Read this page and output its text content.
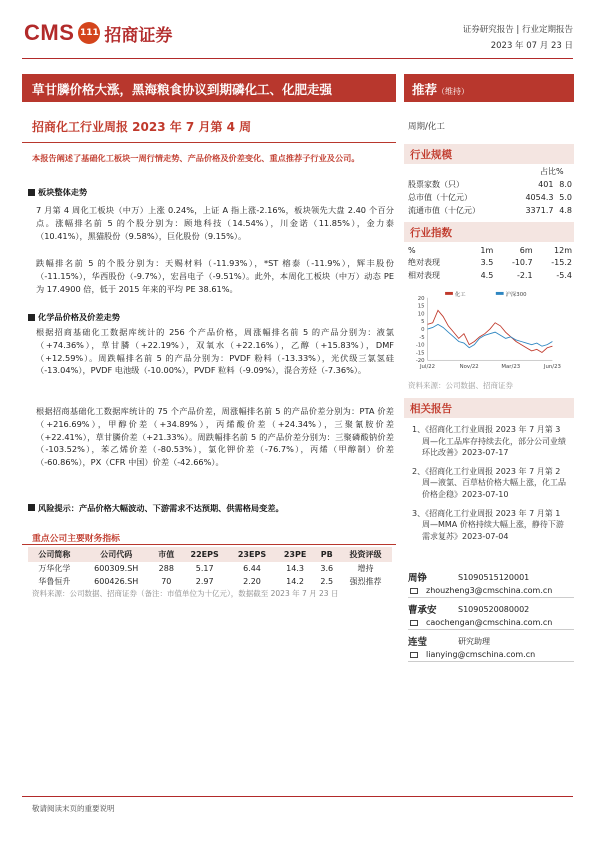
CMS 111 招商证券	证券研究报告 | 行业定期报告
2023 年 07 月 23 日
草甘膦价格大涨，黑海粮食协议到期磷化工、化肥走强	推荐（维持）
招商化工行业周报 2023 年 7 月第 4 周
本报告阐述了基础化工板块一周行情走势、产品价格及价差变化、重点推荐子行业及公司。
板块整体走势
7 月第 4 周化工板块（中万）上涨 0.24%，上证 A 指上涨-2.16%，板块领先大盘 2.40 个百分点。涨幅排名前 5 的个股分别为：顾地科技（14.54%），川金诺（11.85%），金力泰（10.41%），黑猫股份（9.58%），巨化股份（9.15%）。
跌幅排名前 5 的个股分别为：天赐材料（-11.93%），*ST 榕泰（-11.9%），辉丰股份（-11.15%），华西股份（-9.7%），宏昌电子（-9.51%）。此外，本周化工板块（中万）动态 PE 为 17.4900 倍，低于 2015 年来的平均 PE 38.61%。
化学品价格及价差走势
根据招商基础化工数据库统计的 256 个产品价格，周涨幅排名前 5 的产品分别为：液氯（+74.36%），草甘膦（+22.19%），双氧水（+22.16%），乙醇（+15.83%），DMF（+12.59%）。周跌幅排名前 5 的产品分别为：PVDF 粉料（-13.33%），光伏级三氯氢硅（-13.04%），PVDF 电池级（-10.00%），PVDF 粒料（-9.09%），混合芳烃（-7.36%）。
根据招商基础化工数据库统计的 75 个产品价差，周涨幅排名前 5 的产品价差分别为：PTA 价差（+216.69%），甲醇价差（+34.89%），丙烯酸价差（+24.34%），三聚氰胺价差（+22.41%），草甘膦价差（+21.33%）。周跌幅排名前 5 的产品价差分别为：三聚磷酸钠价差（-103.52%），苯乙烯价差（-80.53%），氯化钾价差（-76.7%），丙烯（甲醇制）价差（-60.86%），PX（CFR 中国）价差（-42.66%）。
风险提示：产品价格大幅波动、下游需求不达预期、供需格局变差。
重点公司主要财务指标
公司简称	公司代码	市值	22EPS	23EPS	23PE	PB	投资评级
万华化学	600309.SH	288	5.17	6.44	14.3	3.6	增持
华鲁恒升	600426.SH	70	2.97	2.20	14.2	2.5	强烈推荐
资料来源：公司数据、招商证券（备注：市值单位为十亿元），数据截至 2023 年 7 月 23 日
周期/化工
行业规模
占比%
股票家数（只）	401	8.0
总市值（十亿元）	4054.3	5.0
流通市值（十亿元）	3371.7	4.8
行业指数
%	1m	6m	12m
绝对表现	3.5	-10.7	-15.2
相对表现	4.5	-2.1	-5.4
20
15
10
5
0
-5
-10
-15
-20
Jul/22	Nov/22	Mar/23	Jun/23
化工	沪深300
资料来源：公司数据、招商证券
相关报告
1、《招商化工行业周报 2023 年 7 月第 3 周—化工品库存持续去化，部分公司业绩环比改善》2023-07-17
2、《招商化工行业周报 2023 年 7 月第 2 周—液氯、百草枯价格大幅上涨，化工品价格企稳》2023-07-10
3、《招商化工行业周报 2023 年 7 月第 1 周—MMA 价格持续大幅上涨，静待下游需求复苏》2023-07-04
周铮	S1090515120001
zhouzheng3@cmschina.com.cn
曹承安	S1090520080002
caochengan@cmschina.com.cn
连莹	研究助理
lianying@cmschina.com.cn
敬请阅读末页的重要说明
